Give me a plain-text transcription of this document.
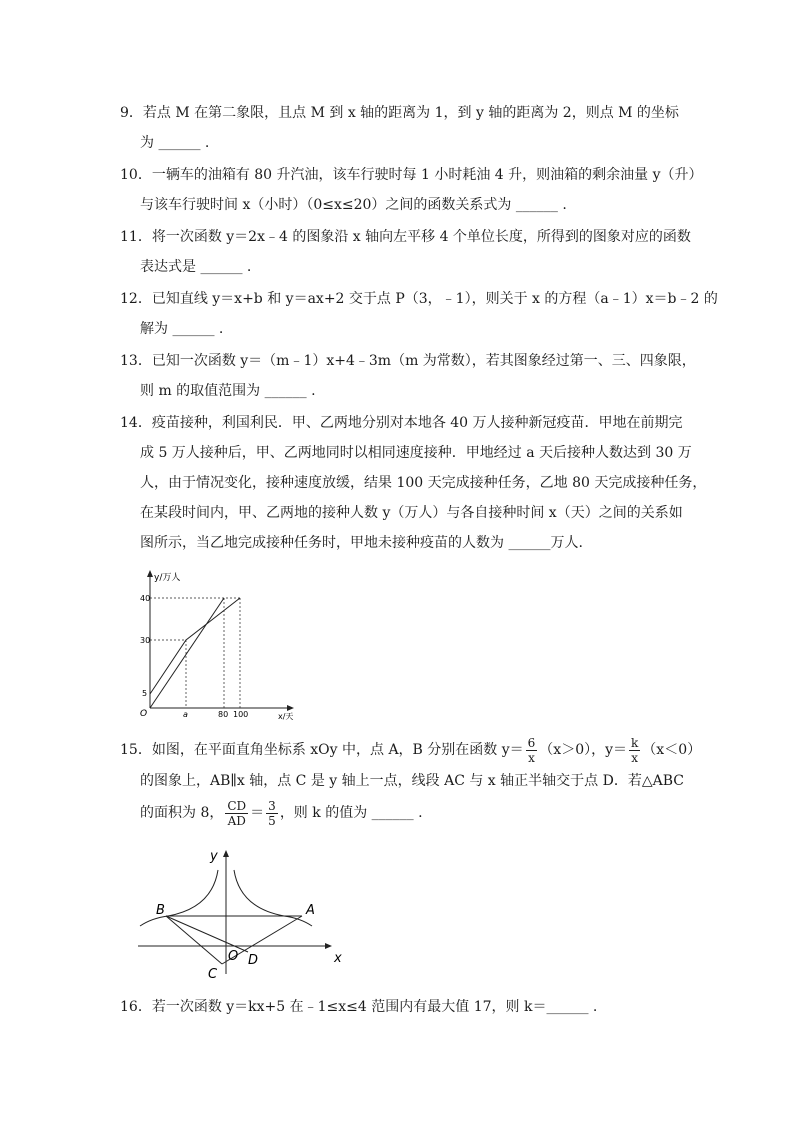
9．若点 M 在第二象限，且点 M 到 x 轴的距离为 1，到 y 轴的距离为 2，则点 M 的坐标
为 ______ .
10．一辆车的油箱有 80 升汽油，该车行驶时每 1 小时耗油 4 升，则油箱的剩余油量 y（升）
与该车行驶时间 x（小时）（0≤x≤20）之间的函数关系式为 ______ .
11．将一次函数 y＝2x﹣4 的图象沿 x 轴向左平移 4 个单位长度，所得到的图象对应的函数
表达式是 ______ .
12．已知直线 y＝x+b 和 y＝ax+2 交于点 P（3，﹣1），则关于 x 的方程（a﹣1）x＝b﹣2 的
解为 ______ .
13．已知一次函数 y＝（m﹣1）x+4﹣3m（m 为常数），若其图象经过第一、三、四象限，
则 m 的取值范围为 ______ .
14．疫苗接种，利国利民．甲、乙两地分别对本地各 40 万人接种新冠疫苗．甲地在前期完
成 5 万人接种后，甲、乙两地同时以相同速度接种．甲地经过 a 天后接种人数达到 30 万
人，由于情况变化，接种速度放缓，结果 100 天完成接种任务，乙地 80 天完成接种任务，
在某段时间内，甲、乙两地的接种人数 y（万人）与各自接种时间 x（天）之间的关系如
图所示，当乙地完成接种任务时，甲地未接种疫苗的人数为 ______万人.
y/万人
40
30
5
O	a	80 100	x/天
15．如图，在平面直角坐标系 xOy 中，点 A，B 分别在函数 $y= \frac{6}{x} (x>0)$，$y= \frac{k}{x} (x<0)$
的图象上，AB∥x 轴，点 C 是 y 轴上一点，线段 AC 与 x 轴正半轴交于点 D．若△ABC
的面积为 8， $\frac{CD}{AD} = \frac{3}{5}$ ，则 k 的值为 ______ .
y
x
B	A
O D
C
16．若一次函数 y＝kx+5 在﹣1≤x≤4 范围内有最大值 17，则 k＝______ .
